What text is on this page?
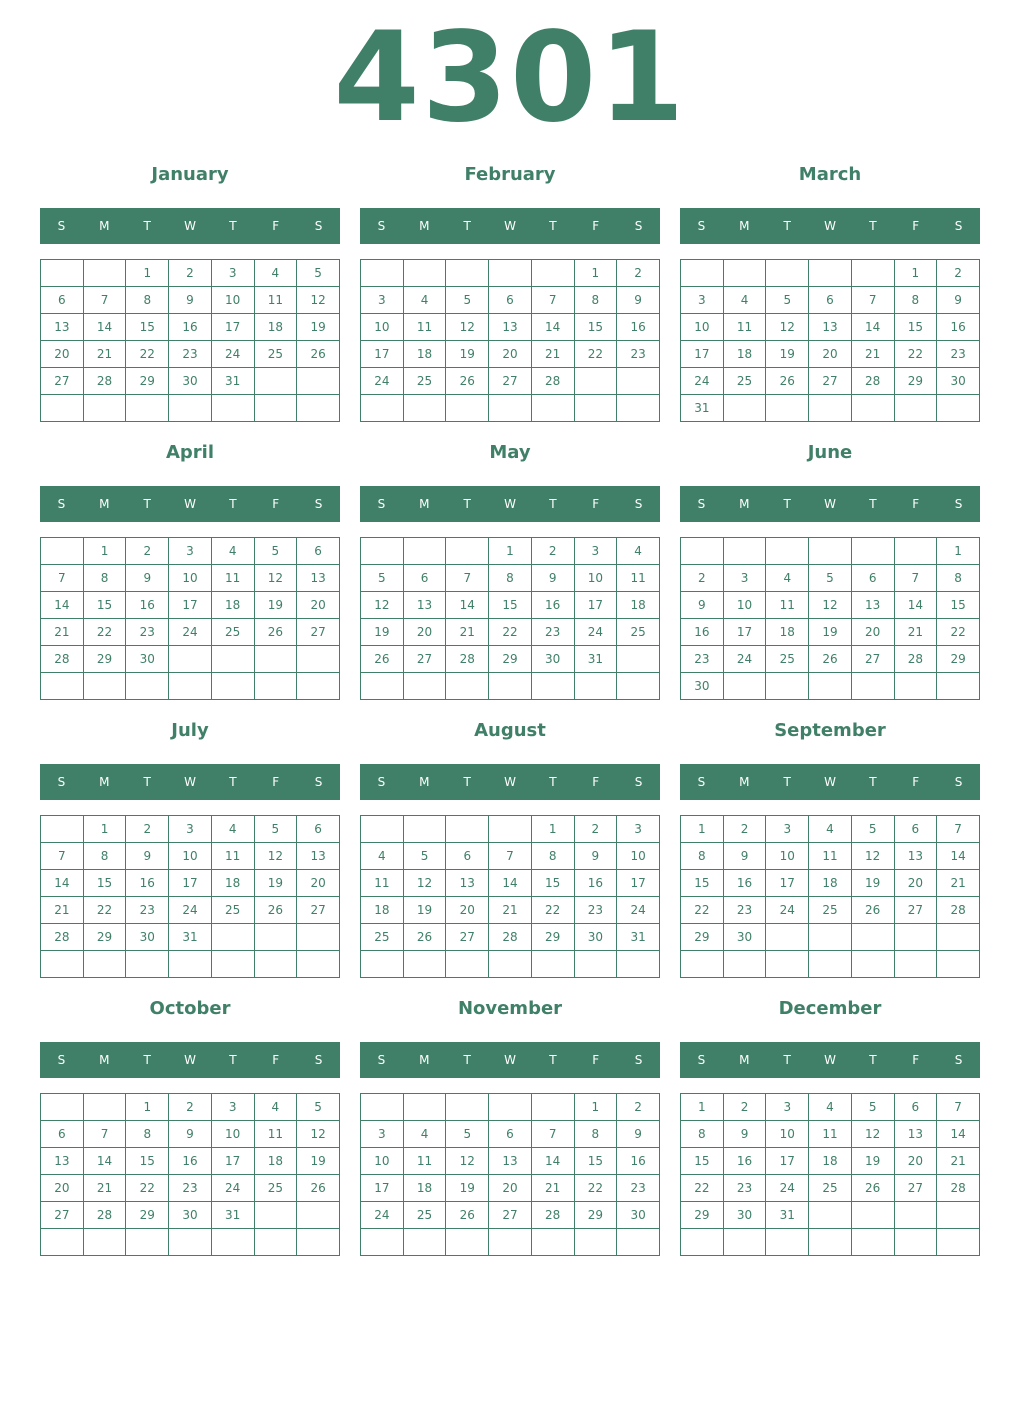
4301
January
S	M	T	W	T	F	S
		1	2	3	4	5
6	7	8	9	10	11	12
13	14	15	16	17	18	19
20	21	22	23	24	25	26
27	28	29	30	31		

February
S	M	T	W	T	F	S
					1	2
3	4	5	6	7	8	9
10	11	12	13	14	15	16
17	18	19	20	21	22	23
24	25	26	27	28		

March
S	M	T	W	T	F	S
					1	2
3	4	5	6	7	8	9
10	11	12	13	14	15	16
17	18	19	20	21	22	23
24	25	26	27	28	29	30
31						
April
S	M	T	W	T	F	S
	1	2	3	4	5	6
7	8	9	10	11	12	13
14	15	16	17	18	19	20
21	22	23	24	25	26	27
28	29	30				

May
S	M	T	W	T	F	S
			1	2	3	4
5	6	7	8	9	10	11
12	13	14	15	16	17	18
19	20	21	22	23	24	25
26	27	28	29	30	31	

June
S	M	T	W	T	F	S
						1
2	3	4	5	6	7	8
9	10	11	12	13	14	15
16	17	18	19	20	21	22
23	24	25	26	27	28	29
30						
July
S	M	T	W	T	F	S
	1	2	3	4	5	6
7	8	9	10	11	12	13
14	15	16	17	18	19	20
21	22	23	24	25	26	27
28	29	30	31			

August
S	M	T	W	T	F	S
				1	2	3
4	5	6	7	8	9	10
11	12	13	14	15	16	17
18	19	20	21	22	23	24
25	26	27	28	29	30	31

September
S	M	T	W	T	F	S
1	2	3	4	5	6	7
8	9	10	11	12	13	14
15	16	17	18	19	20	21
22	23	24	25	26	27	28
29	30					

October
S	M	T	W	T	F	S
		1	2	3	4	5
6	7	8	9	10	11	12
13	14	15	16	17	18	19
20	21	22	23	24	25	26
27	28	29	30	31		

November
S	M	T	W	T	F	S
					1	2
3	4	5	6	7	8	9
10	11	12	13	14	15	16
17	18	19	20	21	22	23
24	25	26	27	28	29	30

December
S	M	T	W	T	F	S
1	2	3	4	5	6	7
8	9	10	11	12	13	14
15	16	17	18	19	20	21
22	23	24	25	26	27	28
29	30	31				
